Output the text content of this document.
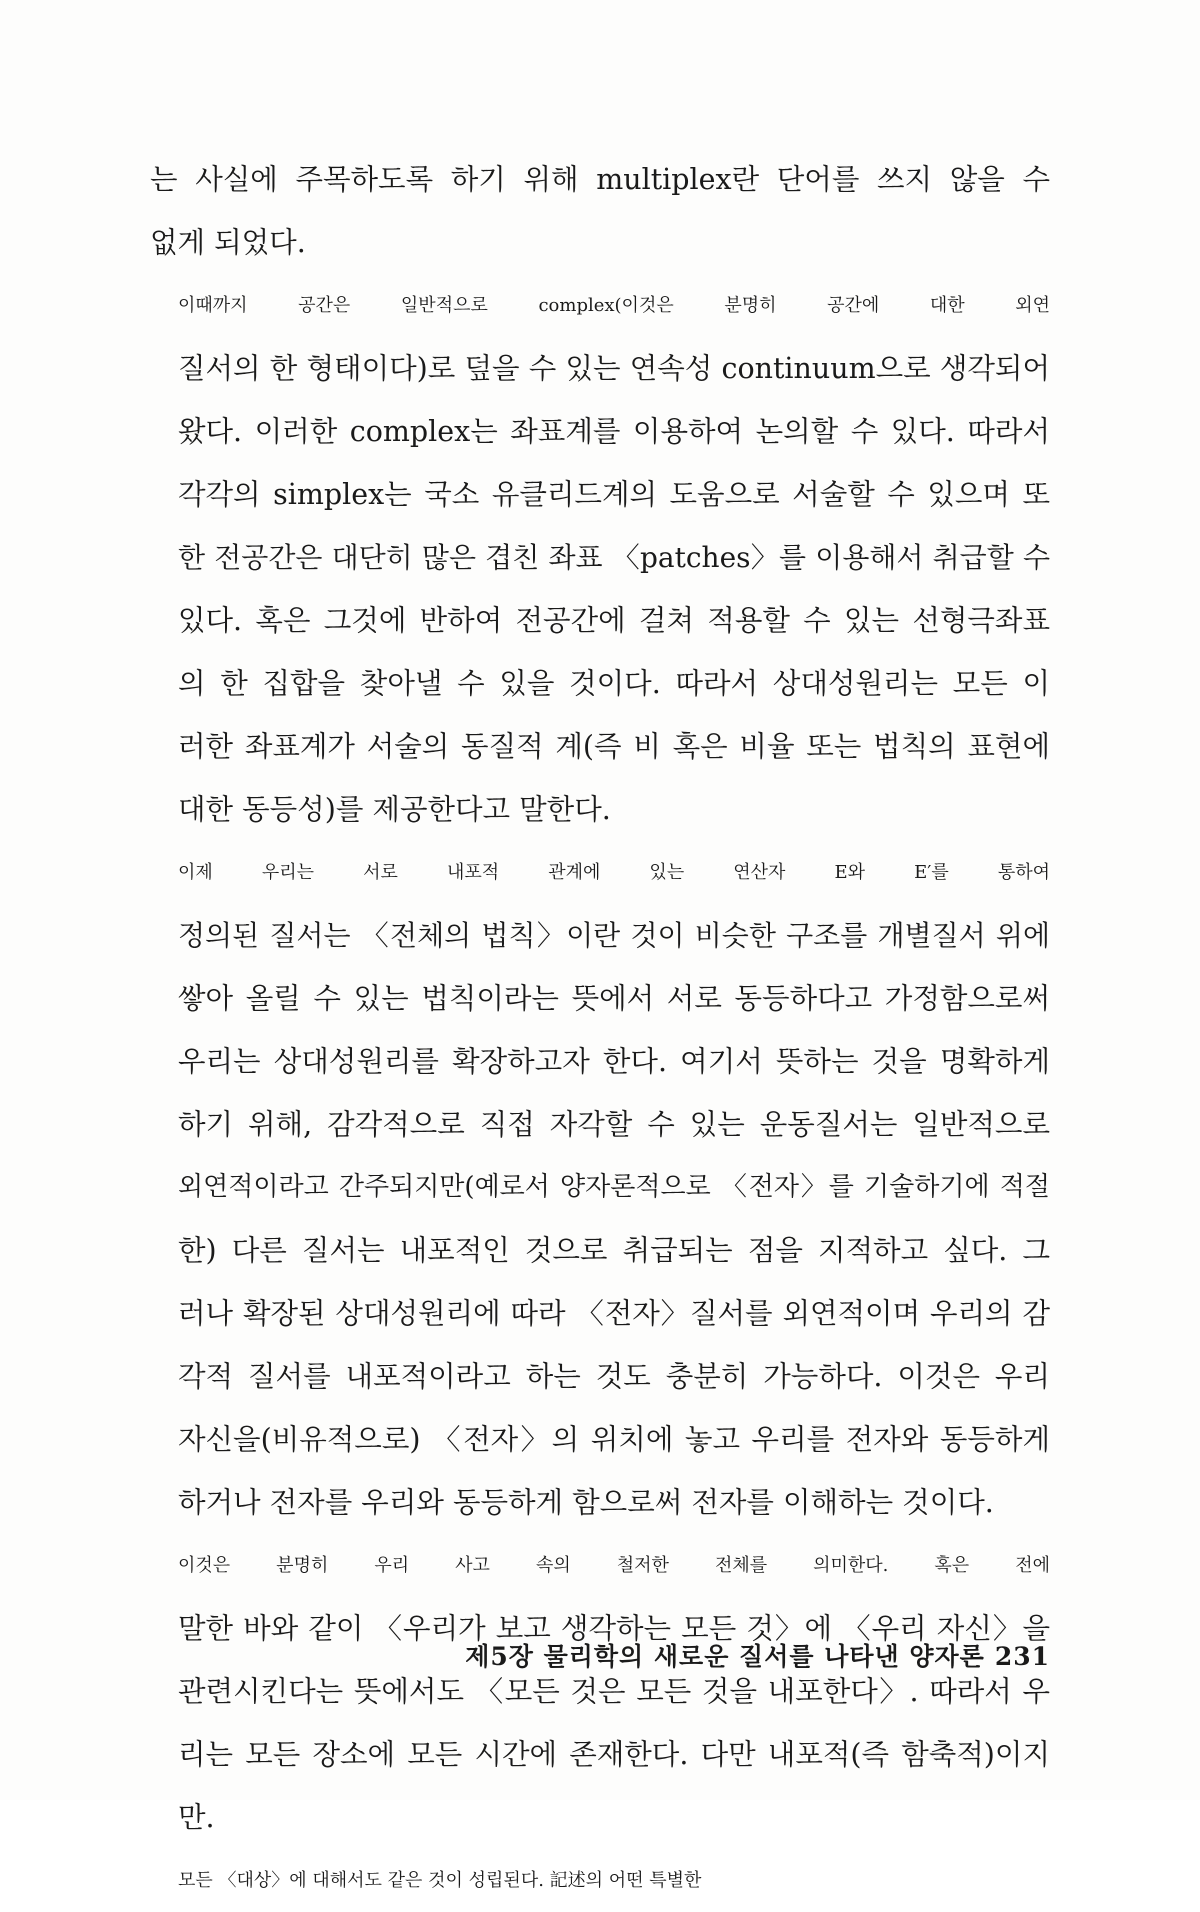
는 사실에 주목하도록 하기 위해 multiplex란 단어를 쓰지 않을 수
없게 되었다.
이때까지 공간은 일반적으로 complex(이것은 분명히 공간에 대한 외연
질서의 한 형태이다)로 덮을 수 있는 연속성 continuum으로 생각되어
왔다. 이러한 complex는 좌표계를 이용하여 논의할 수 있다. 따라서
각각의 simplex는 국소 유클리드계의 도움으로 서술할 수 있으며 또
한 전공간은 대단히 많은 겹친 좌표 〈patches〉를 이용해서 취급할 수
있다. 혹은 그것에 반하여 전공간에 걸쳐 적용할 수 있는 선형극좌표
의 한 집합을 찾아낼 수 있을 것이다. 따라서 상대성원리는 모든 이
러한 좌표계가 서술의 동질적 계(즉 비 혹은 비율 또는 법칙의 표현에
대한 동등성)를 제공한다고 말한다.
이제 우리는 서로 내포적 관계에 있는 연산자 E와 E′를 통하여
정의된 질서는 〈전체의 법칙〉이란 것이 비슷한 구조를 개별질서 위에
쌓아 올릴 수 있는 법칙이라는 뜻에서 서로 동등하다고 가정함으로써
우리는 상대성원리를 확장하고자 한다. 여기서 뜻하는 것을 명확하게
하기 위해, 감각적으로 직접 자각할 수 있는 운동질서는 일반적으로
외연적이라고 간주되지만(예로서 양자론적으로 〈전자〉를 기술하기에 적절
한) 다른 질서는 내포적인 것으로 취급되는 점을 지적하고 싶다. 그
러나 확장된 상대성원리에 따라 〈전자〉질서를 외연적이며 우리의 감
각적 질서를 내포적이라고 하는 것도 충분히 가능하다. 이것은 우리
자신을(비유적으로) 〈전자〉의 위치에 놓고 우리를 전자와 동등하게
하거나 전자를 우리와 동등하게 함으로써 전자를 이해하는 것이다.
이것은 분명히 우리 사고 속의 철저한 전체를 의미한다. 혹은 전에
말한 바와 같이 〈우리가 보고 생각하는 모든 것〉에 〈우리 자신〉을
관련시킨다는 뜻에서도 〈모든 것은 모든 것을 내포한다〉. 따라서 우
리는 모든 장소에 모든 시간에 존재한다. 다만 내포적(즉 함축적)이지
만.
모든 〈대상〉에 대해서도 같은 것이 성립된다. 記述의 어떤 특별한
제5장 물리학의 새로운 질서를 나타낸 양자론 231
